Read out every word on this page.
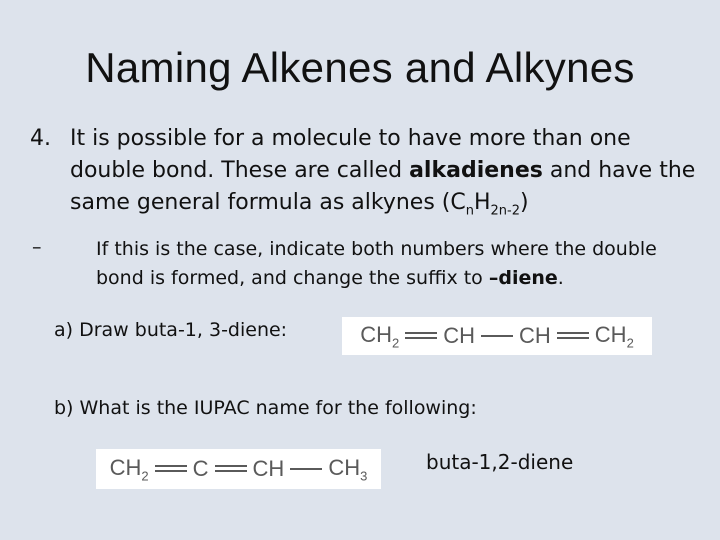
Naming Alkenes and Alkynes
4. It is possible for a molecule to have more than one double bond. These are called alkadienes and have the same general formula as alkynes $(C_nH_{2n-2})$
–	If this is the case, indicate both numbers where the double bond is formed, and change the suffix to –diene.
a) Draw buta-1, 3-diene:	$CH_2$ CH CH $CH_2$
b) What is the IUPAC name for the following:
$CH_2$ C CH $CH_3$
buta-1,2-diene
